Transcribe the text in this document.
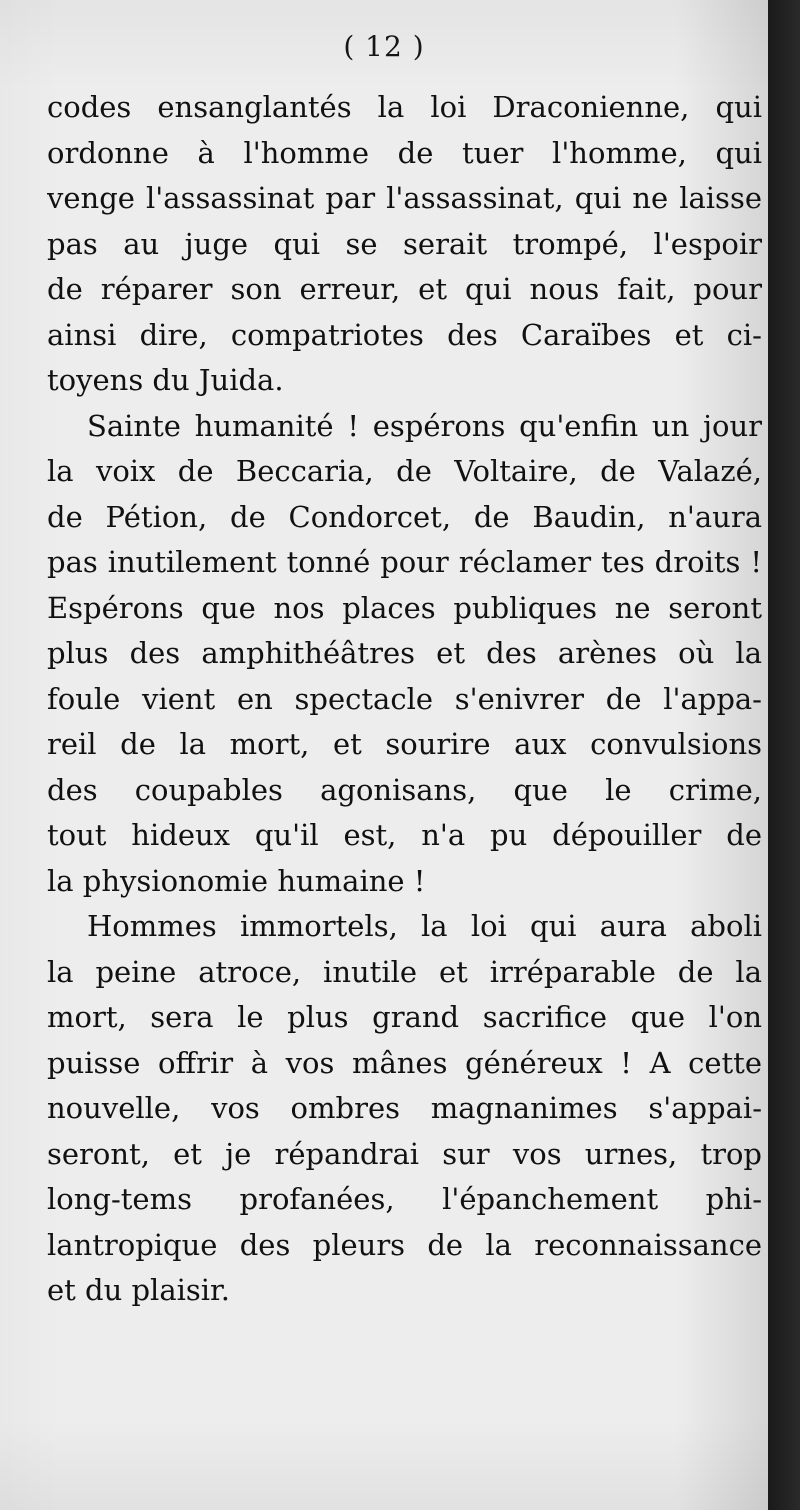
( 12 )
codes ensanglantés la loi Draconienne, qui
ordonne à l'homme de tuer l'homme, qui
venge l'assassinat par l'assassinat, qui ne laisse
pas au juge qui se serait trompé, l'espoir
de réparer son erreur, et qui nous fait, pour
ainsi dire, compatriotes des Caraïbes et ci-
toyens du Juida.
Sainte humanité ! espérons qu'enfin un jour
la voix de Beccaria, de Voltaire, de Valazé,
de Pétion, de Condorcet, de Baudin, n'aura
pas inutilement tonné pour réclamer tes droits !
Espérons que nos places publiques ne seront
plus des amphithéâtres et des arènes où la
foule vient en spectacle s'enivrer de l'appa-
reil de la mort, et sourire aux convulsions
des coupables agonisans, que le crime,
tout hideux qu'il est, n'a pu dépouiller de
la physionomie humaine !
Hommes immortels, la loi qui aura aboli
la peine atroce, inutile et irréparable de la
mort, sera le plus grand sacrifice que l'on
puisse offrir à vos mânes généreux ! A cette
nouvelle, vos ombres magnanimes s'appai-
seront, et je répandrai sur vos urnes, trop
long-tems profanées, l'épanchement phi-
lantropique des pleurs de la reconnaissance
et du plaisir.
